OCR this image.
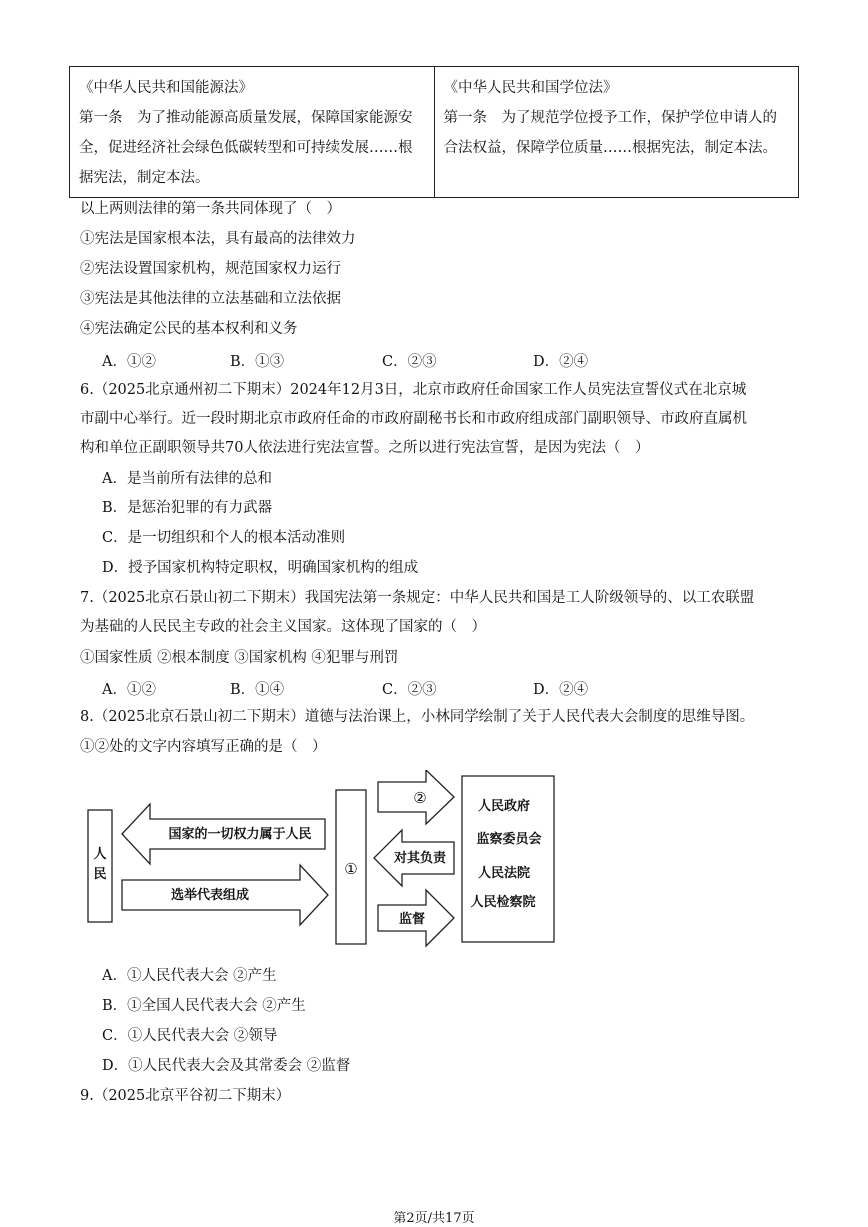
《中华人民共和国能源法》
第一条　为了推动能源高质量发展，保障国家能源安全，促进经济社会绿色低碳转型和可持续发展……根据宪法，制定本法。

《中华人民共和国学位法》
第一条　为了规范学位授予工作，保护学位申请人的合法权益，保障学位质量……根据宪法，制定本法。
以上两则法律的第一条共同体现了（　）
①宪法是国家根本法，具有最高的法律效力
②宪法设置国家机构，规范国家权力运行
③宪法是其他法律的立法基础和立法依据
④宪法确定公民的基本权利和义务
A．①②	B．①③	C．②③	D．②④
6.（2025北京通州初二下期末）2024年12月3日，北京市政府任命国家工作人员宪法宣誓仪式在北京城
市副中心举行。近一段时期北京市政府任命的市政府副秘书长和市政府组成部门副职领导、市政府直属机
构和单位正副职领导共70人依法进行宪法宣誓。之所以进行宪法宣誓，是因为宪法（　）
A．是当前所有法律的总和
B．是惩治犯罪的有力武器
C．是一切组织和个人的根本活动准则
D．授予国家机构特定职权，明确国家机构的组成
7.（2025北京石景山初二下期末）我国宪法第一条规定：中华人民共和国是工人阶级领导的、以工农联盟
为基础的人民民主专政的社会主义国家。这体现了国家的（　）
①国家性质 ②根本制度 ③国家机构 ④犯罪与刑罚
A．①②	B．①④	C．②③	D．②④
8.（2025北京石景山初二下期末）道德与法治课上，小林同学绘制了关于人民代表大会制度的思维导图。
①②处的文字内容填写正确的是（　）
人
民
国家的一切权力属于人民
选举代表组成
①
②
对其负责
监督
人民政府
监察委员会
人民法院
人民检察院
A．①人民代表大会 ②产生
B．①全国人民代表大会 ②产生
C．①人民代表大会 ②领导
D．①人民代表大会及其常委会 ②监督
9.（2025北京平谷初二下期末）
第2页/共17页
